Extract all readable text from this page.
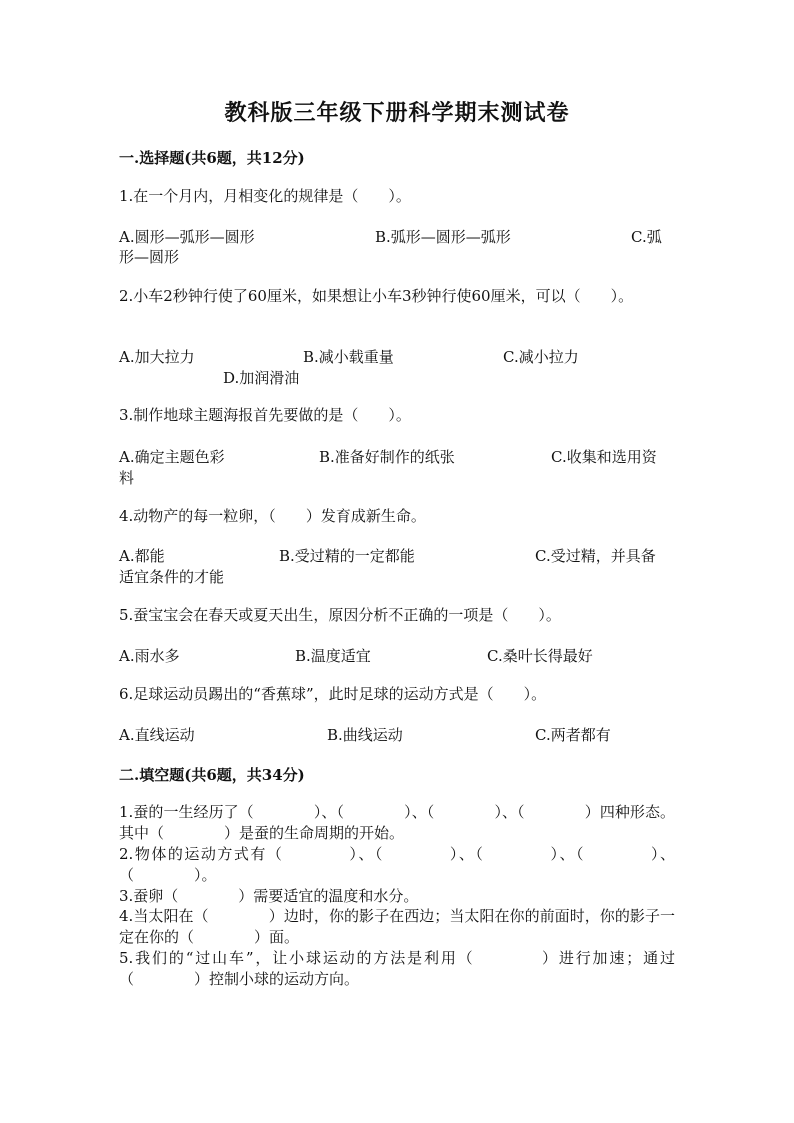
教科版三年级下册科学期末测试卷
一.选择题(共6题，共12分)
1.在一个月内，月相变化的规律是（　　）。
A.圆形—弧形—圆形	B.弧形—圆形—弧形	C.弧
形—圆形
2.小车2秒钟行使了60厘米，如果想让小车3秒钟行使60厘米，可以（　　）。
A.加大拉力	B.减小载重量	C.减小拉力
D.加润滑油
3.制作地球主题海报首先要做的是（　　）。
A.确定主题色彩	B.准备好制作的纸张	C.收集和选用资
料
4.动物产的每一粒卵，（　　）发育成新生命。
A.都能	B.受过精的一定都能	C.受过精，并具备
适宜条件的才能
5.蚕宝宝会在春天或夏天出生，原因分析不正确的一项是（　　）。
A.雨水多	B.温度适宜	C.桑叶长得最好
6.足球运动员踢出的“香蕉球”，此时足球的运动方式是（　　）。
A.直线运动	B.曲线运动	C.两者都有
二.填空题(共6题，共34分)
1.蚕的一生经历了（　　　　）、（　　　　）、（　　　　）、（　　　　）四种形态。其中（　　　　）是蚕的生命周期的开始。
2.物体的运动方式有（　　　　）、（　　　　）、（　　　　）、（　　　　）、（　　　　）。
3.蚕卵（　　　　）需要适宜的温度和水分。
4.当太阳在（　　　　）边时，你的影子在西边；当太阳在你的前面时，你的影子一定在你的（　　　　）面。
5.我们的“过山车”，让小球运动的方法是利用（　　　　）进行加速；通过（　　　　）控制小球的运动方向。
